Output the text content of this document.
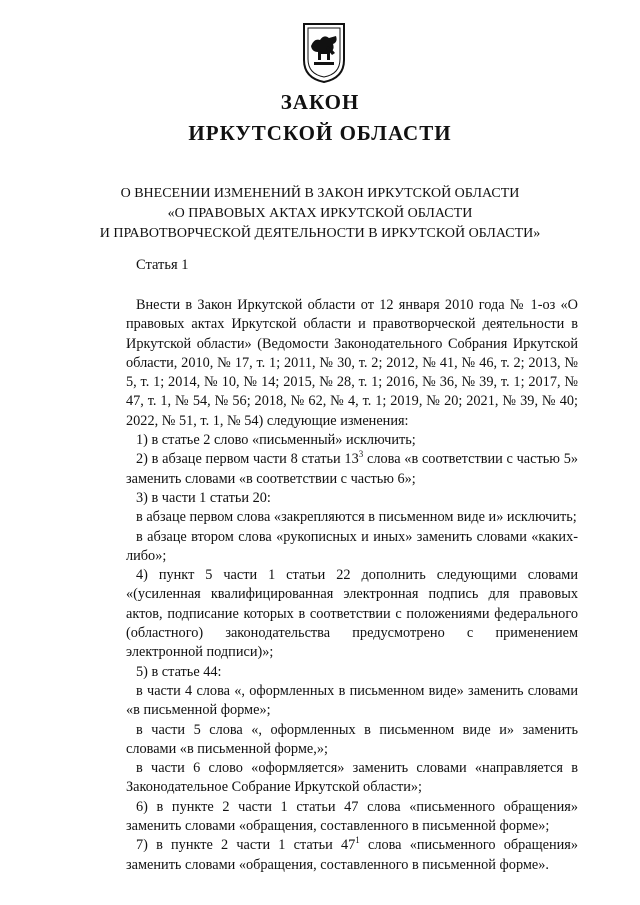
ЗАКОН
ИРКУТСКОЙ ОБЛАСТИ
О ВНЕСЕНИИ ИЗМЕНЕНИЙ В ЗАКОН ИРКУТСКОЙ ОБЛАСТИ
«О ПРАВОВЫХ АКТАХ ИРКУТСКОЙ ОБЛАСТИ
И ПРАВОТВОРЧЕСКОЙ ДЕЯТЕЛЬНОСТИ В ИРКУТСКОЙ ОБЛАСТИ»
Статья 1

Внести в Закон Иркутской области от 12 января 2010 года № 1-оз «О правовых актах Иркутской области и правотворческой деятельности в Иркутской области» (Ведомости Законодательного Собрания Иркутской области, 2010, № 17, т. 1; 2011, № 30, т. 2; 2012, № 41, № 46, т. 2; 2013, № 5, т. 1; 2014, № 10, № 14; 2015, № 28, т. 1; 2016, № 36, № 39, т. 1; 2017, № 47, т. 1, № 54, № 56; 2018, № 62, № 4, т. 1; 2019, № 20; 2021, № 39, № 40; 2022, № 51, т. 1, № 54) следующие изменения:

1) в статье 2 слово «письменный» исключить;

2) в абзаце первом части 8 статьи $13^3$ слова «в соответствии с частью 5» заменить словами «в соответствии с частью 6»;

3) в части 1 статьи 20:

в абзаце первом слова «закрепляются в письменном виде и» исключить;

в абзаце втором слова «рукописных и иных» заменить словами «каких-либо»;

4) пункт 5 части 1 статьи 22 дополнить следующими словами «(усиленная квалифицированная электронная подпись для правовых актов, подписание которых в соответствии с положениями федерального (областного) законодательства предусмотрено с применением электронной подписи)»;

5) в статье 44:

в части 4 слова «, оформленных в письменном виде» заменить словами «в письменной форме»;

в части 5 слова «, оформленных в письменном виде и» заменить словами «в письменной форме,»;

в части 6 слово «оформляется» заменить словами «направляется в Законодательное Собрание Иркутской области»;

6) в пункте 2 части 1 статьи 47 слова «письменного обращения» заменить словами «обращения, составленного в письменной форме»;

7) в пункте 2 части 1 статьи $47^1$ слова «письменного обращения» заменить словами «обращения, составленного в письменной форме».
